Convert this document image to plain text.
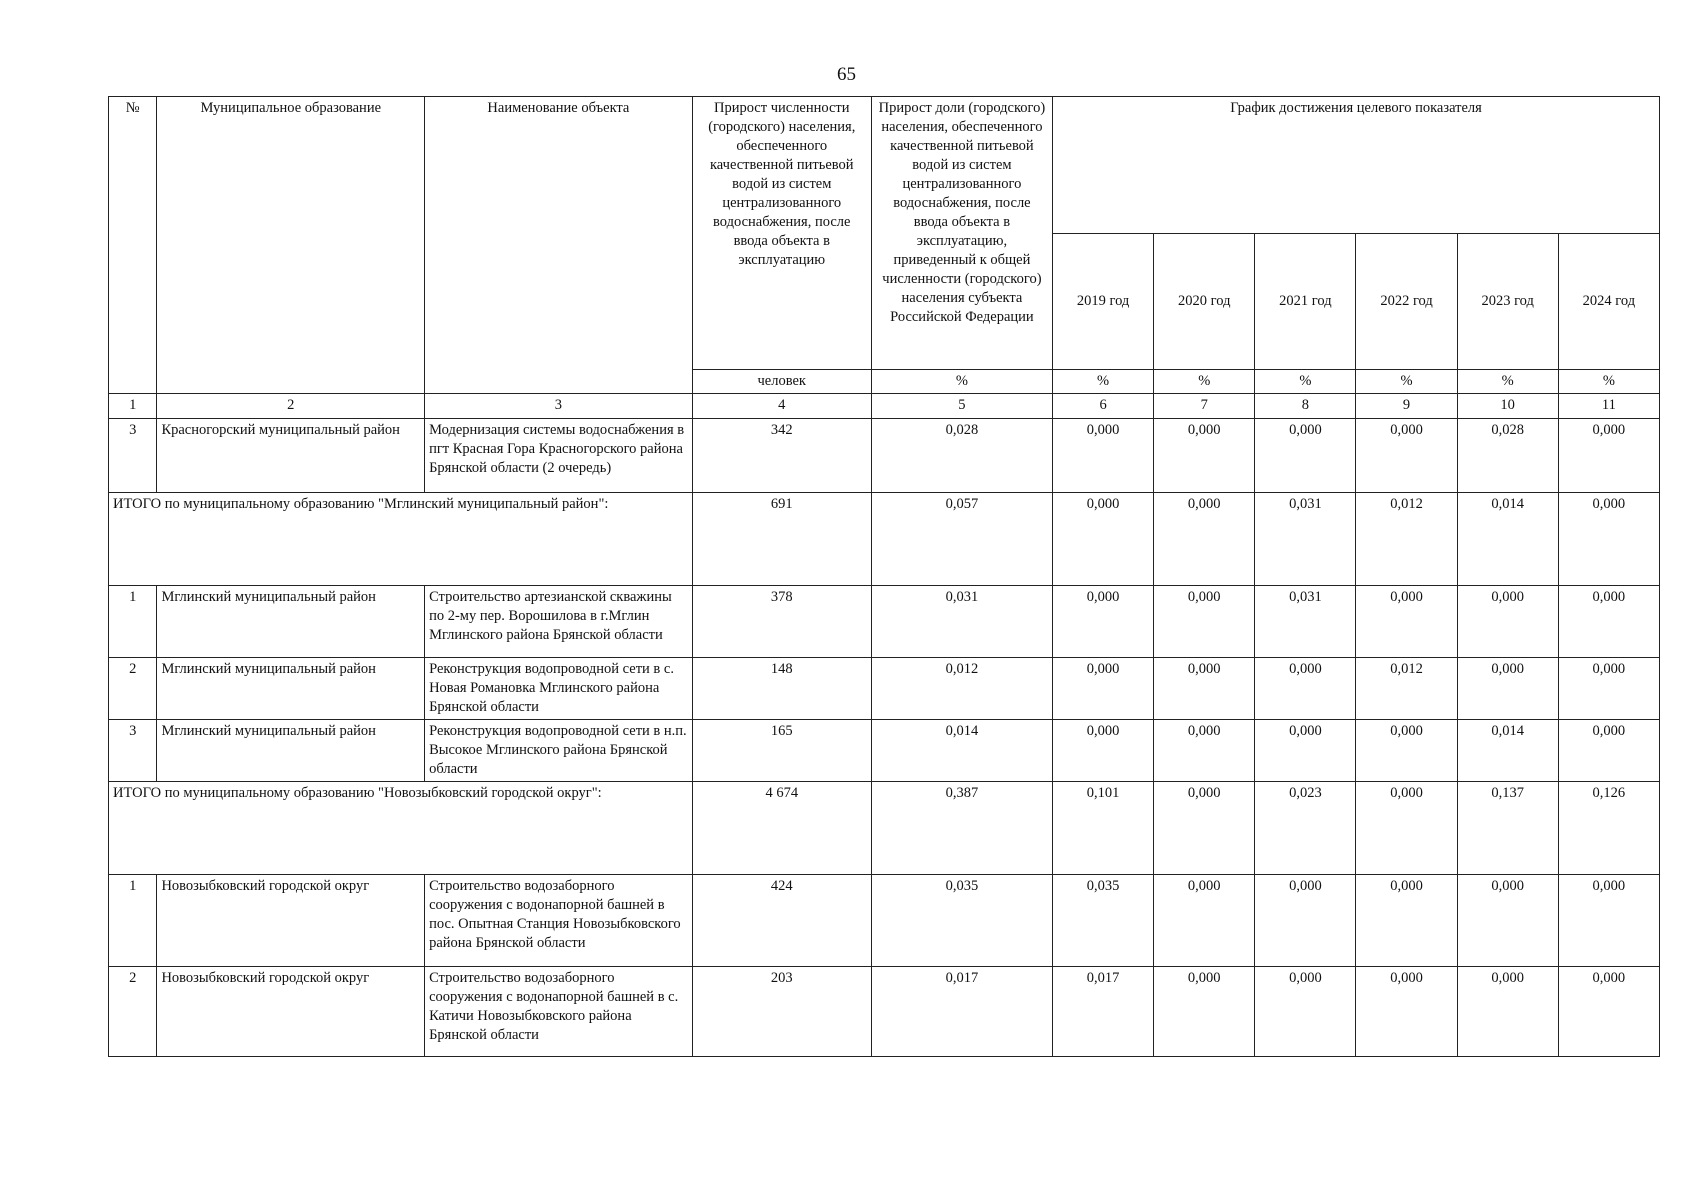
65
№	Муниципальное образование	Наименование объекта	Прирост численности (городского) населения, обеспеченного качественной питьевой водой из систем централизованного водоснабжения, после ввода объекта в эксплуатацию	Прирост доли (городского) населения, обеспеченного качественной питьевой водой из систем централизованного водоснабжения, после ввода объекта в эксплуатацию, приведенный к общей численности (городского) населения субъекта Российской Федерации	График достижения целевого показателя					
					2019 год	2020 год	2021 год	2022 год	2023 год	2024 год
			человек	%	%	%	%	%	%	%
1	2	3	4	5	6	7	8	9	10	11
3	Красногорский муниципальный район	Модернизация системы водоснабжения в пгт Красная Гора Красногорского района Брянской области (2 очередь)	342	0,028	0,000	0,000	0,000	0,000	0,028	0,000
ИТОГО по муниципальному образованию "Мглинский муниципальный район":			691	0,057	0,000	0,000	0,031	0,012	0,014	0,000
1	Мглинский муниципальный район	Строительство артезианской скважины по 2-му пер. Ворошилова в г.Мглин Мглинского района Брянской области	378	0,031	0,000	0,000	0,031	0,000	0,000	0,000
2	Мглинский муниципальный район	Реконструкция водопроводной сети в с. Новая Романовка Мглинского района Брянской области	148	0,012	0,000	0,000	0,000	0,012	0,000	0,000
3	Мглинский муниципальный район	Реконструкция водопроводной сети в н.п. Высокое Мглинского района Брянской области	165	0,014	0,000	0,000	0,000	0,000	0,014	0,000
ИТОГО по муниципальному образованию "Новозыбковский городской округ":			4 674	0,387	0,101	0,000	0,023	0,000	0,137	0,126
1	Новозыбковский городской округ	Строительство водозаборного сооружения с водонапорной башней в пос. Опытная Станция Новозыбковского района Брянской области	424	0,035	0,035	0,000	0,000	0,000	0,000	0,000
2	Новозыбковский городской округ	Строительство водозаборного сооружения с водонапорной башней в с. Катичи Новозыбковского района Брянской области	203	0,017	0,017	0,000	0,000	0,000	0,000	0,000
